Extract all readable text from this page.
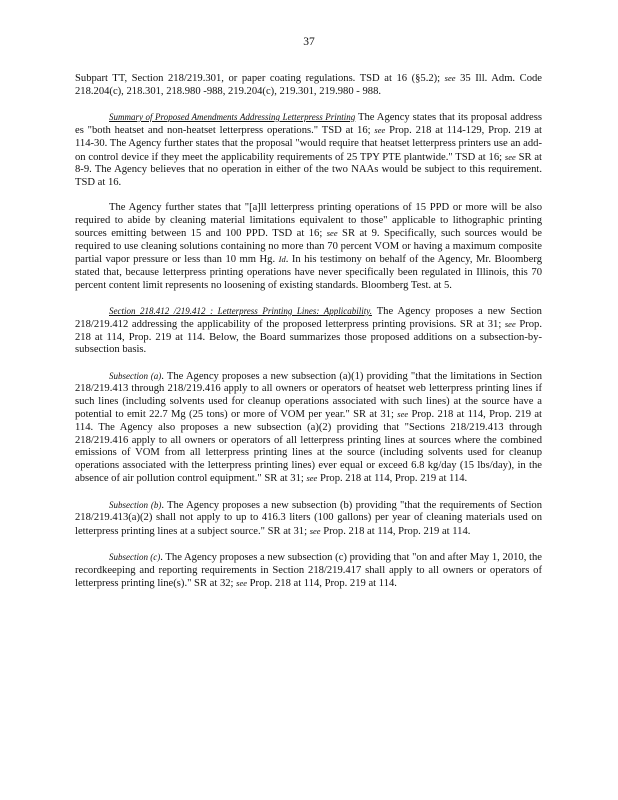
37

Subpart TT, Section 218/219.301, or paper coating regulations. TSD at 16 (§5.2); see 35 Ill. Adm. Code 218.204(c), 218.301, 218.980 -988, 219.204(c), 219.301, 219.980 - 988.

Summary of Proposed Amendments Addressing Letterpress Printing The Agency states that its proposal address es "both heatset and non-heatset letterpress operations." TSD at 16; see Prop. 218 at 114-129, Prop. 219 at 114-30. The Agency further states that the proposal "would require that heatset letterpress printers use an add-on control device if they meet the applicability requirements of 25 TPY PTE plantwide." TSD at 16; see SR at 8-9. The Agency believes that no operation in either of the two NAAs would be subject to this requirement. TSD at 16.

The Agency further states that "[a]ll letterpress printing operations of 15 PPD or more will be also required to abide by cleaning material limitations equivalent to those" applicable to lithographic printing sources emitting between 15 and 100 PPD. TSD at 16; see SR at 9. Specifically, such sources would be required to use cleaning solutions containing no more than 70 percent VOM or having a maximum composite partial vapor pressure or less than 10 mm Hg. Id. In his testimony on behalf of the Agency, Mr. Bloomberg stated that, because letterpress printing operations have never specifically been regulated in Illinois, this 70 percent content limit represents no loosening of existing standards. Bloomberg Test. at 5.

Section 218.412 /219.412 : Letterpress Printing Lines: Applicability. The Agency proposes a new Section 218/219.412 addressing the applicability of the proposed letterpress printing provisions. SR at 31; see Prop. 218 at 114, Prop. 219 at 114. Below, the Board summarizes those proposed additions on a subsection-by-subsection basis.

Subsection (a). The Agency proposes a new subsection (a)(1) providing "that the limitations in Section 218/219.413 through 218/219.416 apply to all owners or operators of heatset web letterpress printing lines if such lines (including solvents used for cleanup operations associated with such lines) at the source have a potential to emit 22.7 Mg (25 tons) or more of VOM per year." SR at 31; see Prop. 218 at 114, Prop. 219 at 114. The Agency also proposes a new subsection (a)(2) providing that "Sections 218/219.413 through 218/219.416 apply to all owners or operators of all letterpress printing lines at sources where the combined emissions of VOM from all letterpress printing lines at the source (including solvents used for cleanup operations associated with the letterpress printing lines) ever equal or exceed 6.8 kg/day (15 lbs/day), in the absence of air pollution control equipment." SR at 31; see Prop. 218 at 114, Prop. 219 at 114.

Subsection (b). The Agency proposes a new subsection (b) providing "that the requirements of Section 218/219.413(a)(2) shall not apply to up to 416.3 liters (100 gallons) per year of cleaning materials used on letterpress printing lines at a subject source." SR at 31; see Prop. 218 at 114, Prop. 219 at 114.

Subsection (c). The Agency proposes a new subsection (c) providing that "on and after May 1, 2010, the recordkeeping and reporting requirements in Section 218/219.417 shall apply to all owners or operators of letterpress printing line(s)." SR at 32; see Prop. 218 at 114, Prop. 219 at 114.
